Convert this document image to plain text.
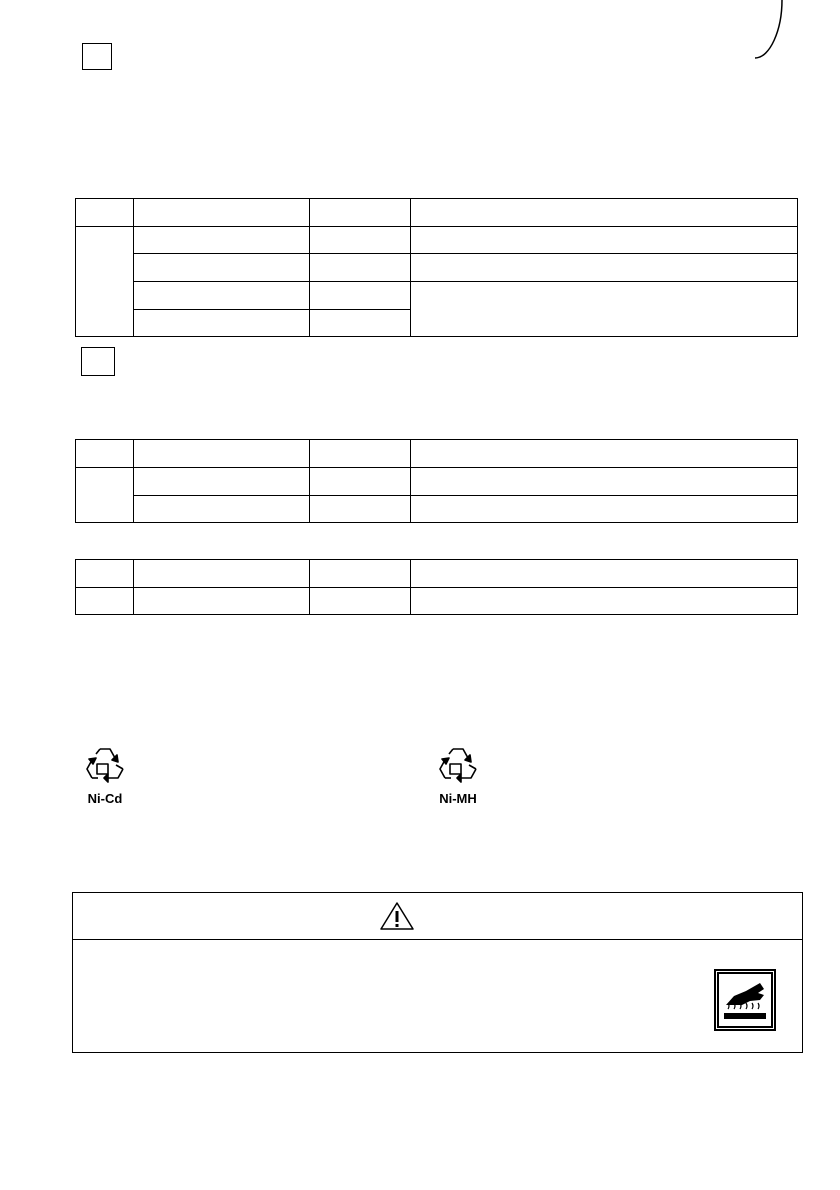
Ni-Cd	Ni-MH
